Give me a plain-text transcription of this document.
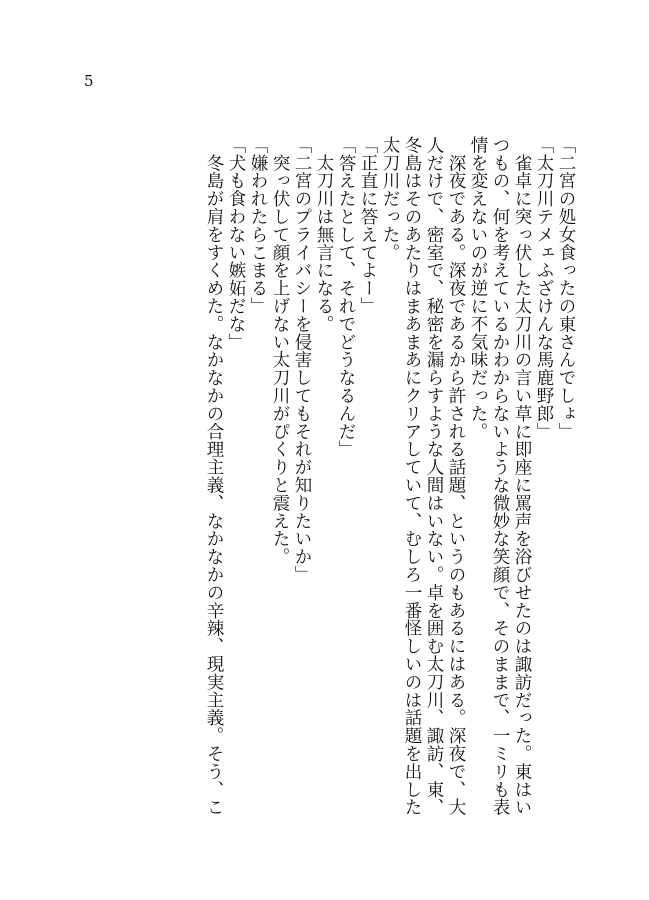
5
「二宮の処女食ったの東さんでしょ」
「太刀川テメェふざけんな馬鹿野郎」
　雀卓に突っ伏した太刀川の言い草に即座に罵声を浴びせたのは諏訪だった。東はい
つもの、何を考えているかわからないような微妙な笑顔で、そのままで、一ミリも表
情を変えないのが逆に不気味だった。
　深夜である。深夜であるから許される話題、というのもあるにはある。深夜で、大
人だけで、密室で、秘密を漏らすような人間はいない。卓を囲む太刀川、諏訪、東、
冬島はそのあたりはまあまあにクリアしていて、むしろ一番怪しいのは話題を出した
太刀川だった。
「正直に答えてよー」
「答えたとして、それでどうなるんだ」
　太刀川は無言になる。
「二宮のプライバシーを侵害してもそれが知りたいか」
　突っ伏して顔を上げない太刀川がぴくりと震えた。
「嫌われたらこまる」
「犬も食わない嫉妬だな」
　冬島が肩をすくめた。なかなかの合理主義、なかなかの辛辣、現実主義。そう、こ
